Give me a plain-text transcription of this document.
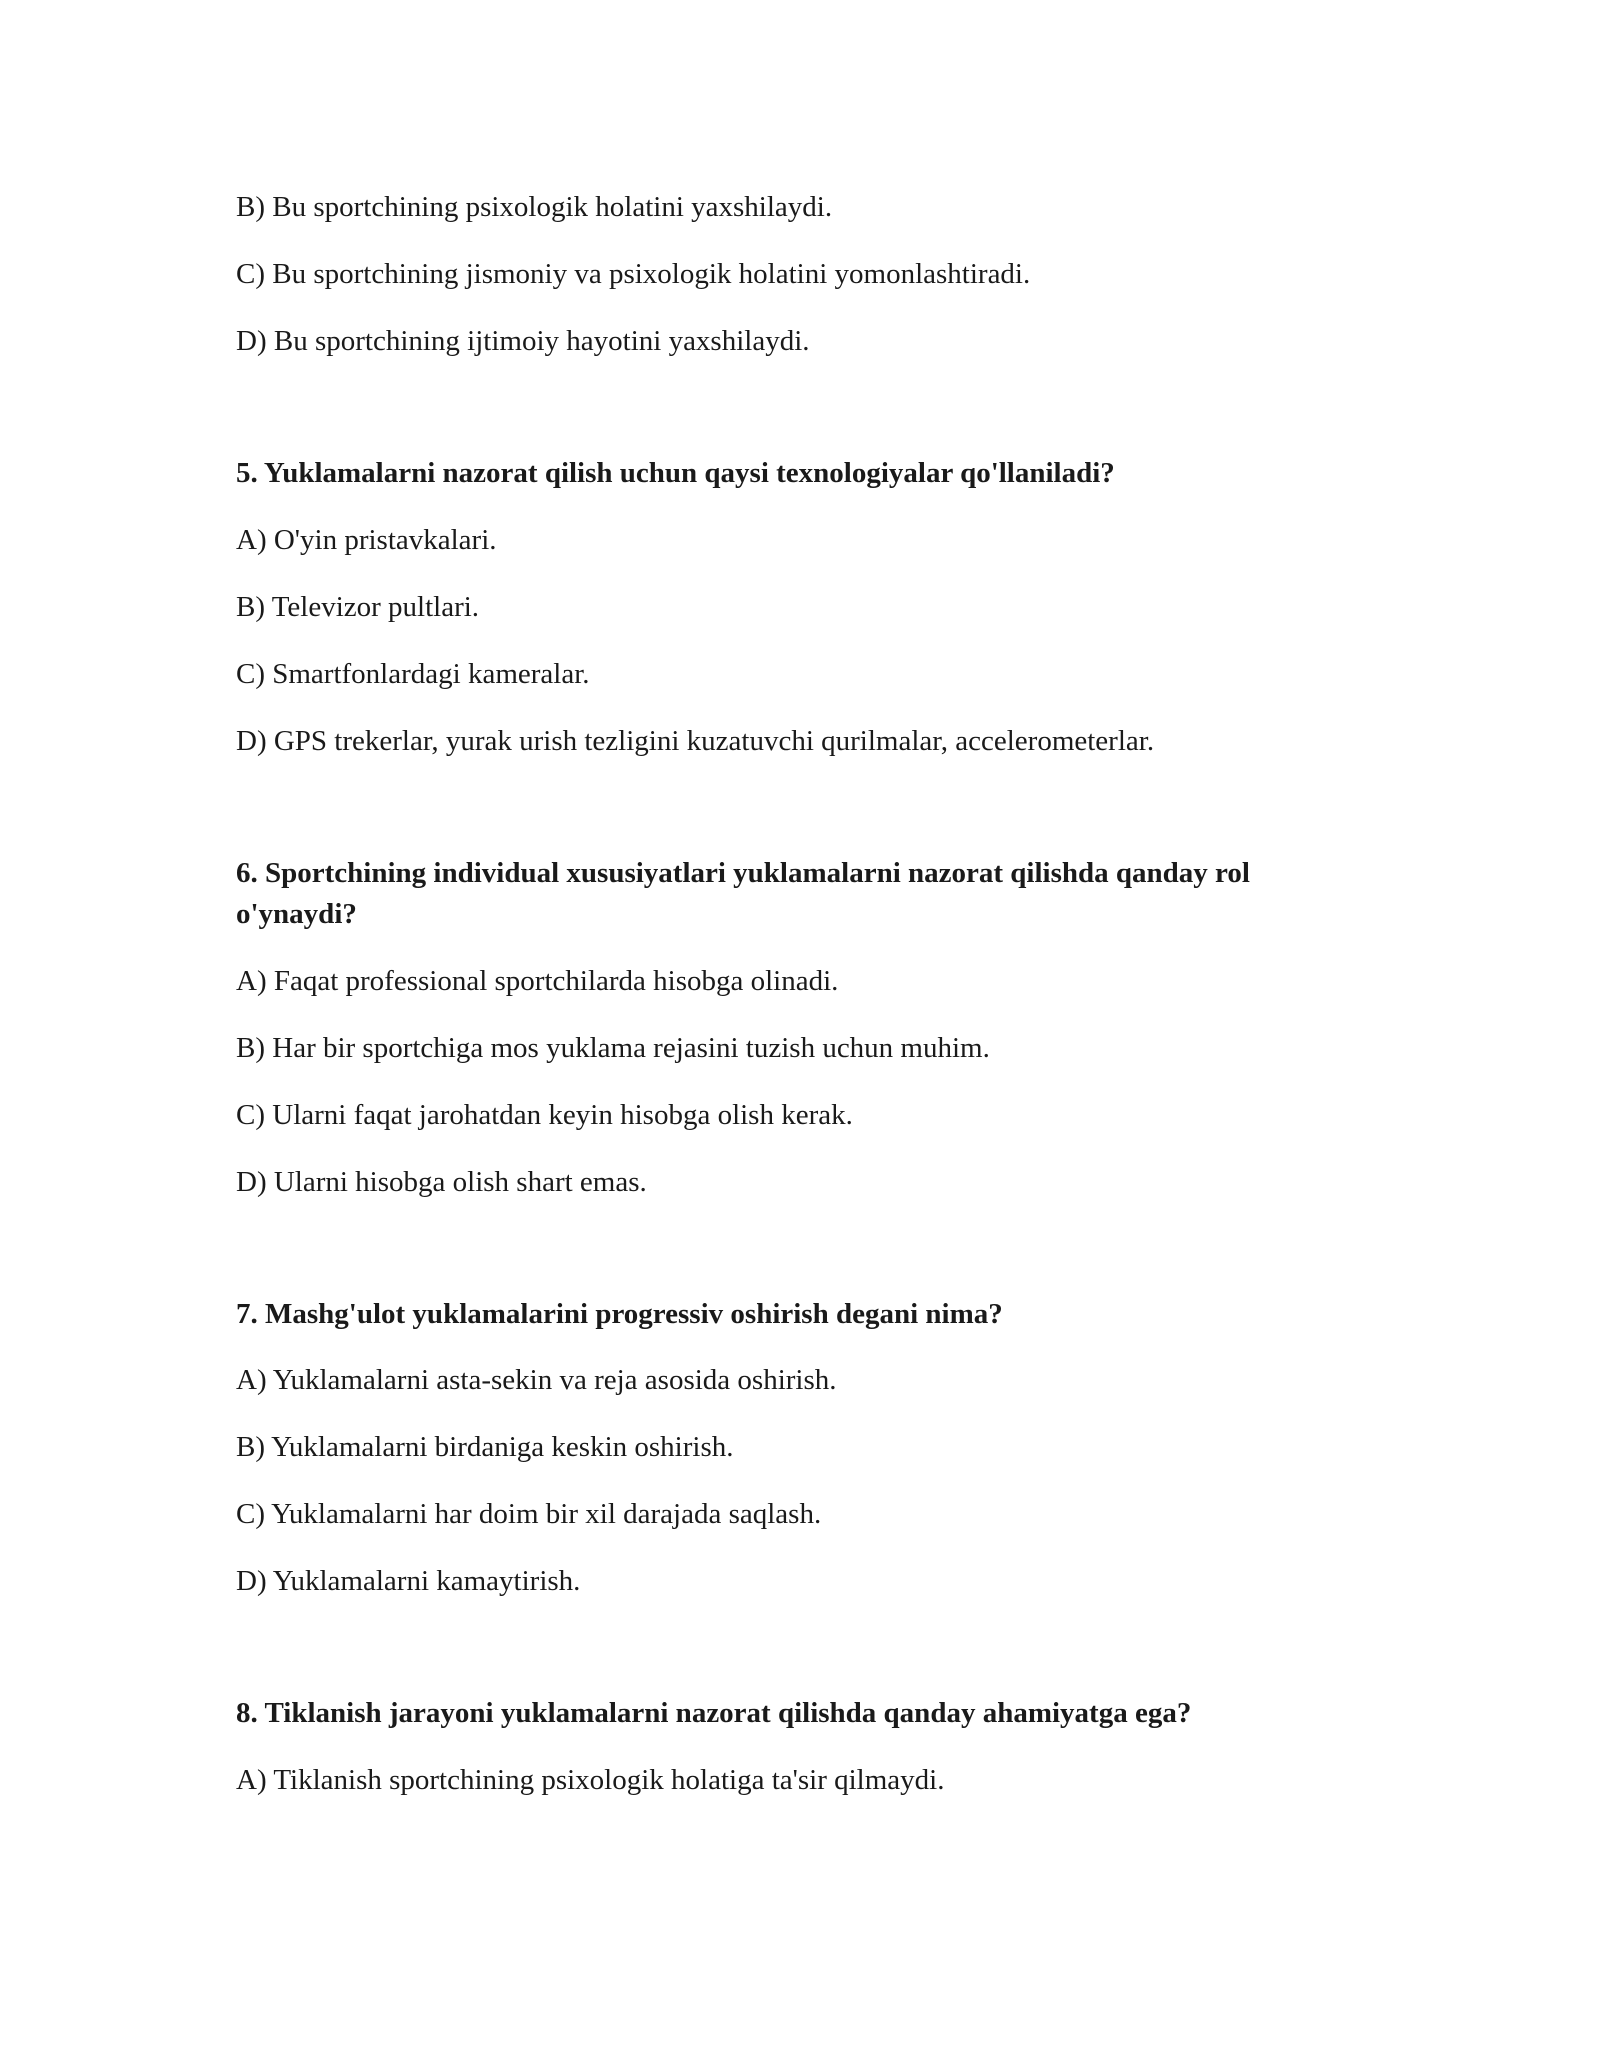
B) Bu sportchining psixologik holatini yaxshilaydi.
C) Bu sportchining jismoniy va psixologik holatini yomonlashtiradi.
D) Bu sportchining ijtimoiy hayotini yaxshilaydi.
5. Yuklamalarni nazorat qilish uchun qaysi texnologiyalar qo'llaniladi?
A) O'yin pristavkalari.
B) Televizor pultlari.
C) Smartfonlardagi kameralar.
D) GPS trekerlar, yurak urish tezligini kuzatuvchi qurilmalar, accelerometerlar.
6. Sportchining individual xususiyatlari yuklamalarni nazorat qilishda qanday rol
o'ynaydi?
A) Faqat professional sportchilarda hisobga olinadi.
B) Har bir sportchiga mos yuklama rejasini tuzish uchun muhim.
C) Ularni faqat jarohatdan keyin hisobga olish kerak.
D) Ularni hisobga olish shart emas.
7. Mashg'ulot yuklamalarini progressiv oshirish degani nima?
A) Yuklamalarni asta-sekin va reja asosida oshirish.
B) Yuklamalarni birdaniga keskin oshirish.
C) Yuklamalarni har doim bir xil darajada saqlash.
D) Yuklamalarni kamaytirish.
8. Tiklanish jarayoni yuklamalarni nazorat qilishda qanday ahamiyatga ega?
A) Tiklanish sportchining psixologik holatiga ta'sir qilmaydi.
